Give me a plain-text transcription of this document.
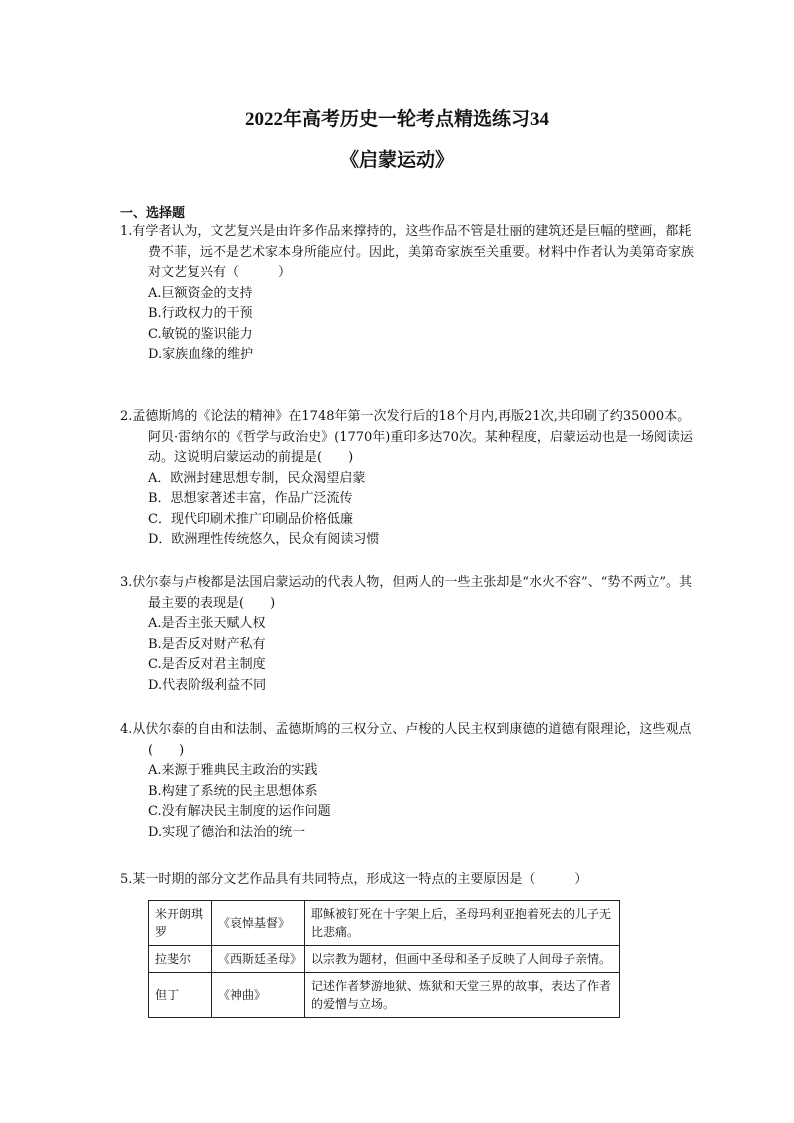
2022年高考历史一轮考点精选练习34
《启蒙运动》
一、选择题

1.有学者认为，文艺复兴是由许多作品来撑持的，这些作品不管是壮丽的建筑还是巨幅的壁画，都耗费不菲，远不是艺术家本身所能应付。因此，美第奇家族至关重要。材料中作者认为美第奇家族对文艺复兴有（　　　）

A.巨额资金的支持

B.行政权力的干预

C.敏锐的鉴识能力

D.家族血缘的维护

2.孟德斯鸠的《论法的精神》在1748年第一次发行后的18个月内,再版21次,共印刷了约35000本。阿贝·雷纳尔的《哲学与政治史》(1770年)重印多达70次。某种程度，启蒙运动也是一场阅读运动。这说明启蒙运动的前提是(　　)

A．欧洲封建思想专制，民众渴望启蒙

B．思想家著述丰富，作品广泛流传

C．现代印刷术推广印刷品价格低廉

D．欧洲理性传统悠久，民众有阅读习惯

3.伏尔泰与卢梭都是法国启蒙运动的代表人物，但两人的一些主张却是“水火不容”、“势不两立”。其最主要的表现是(　　)

A.是否主张天赋人权

B.是否反对财产私有

C.是否反对君主制度

D.代表阶级利益不同

4.从伏尔泰的自由和法制、孟德斯鸠的三权分立、卢梭的人民主权到康德的道德有限理论，这些观点(　　)

A.来源于雅典民主政治的实践

B.构建了系统的民主思想体系

C.没有解决民主制度的运作问题

D.实现了德治和法治的统一

5.某一时期的部分文艺作品具有共同特点，形成这一特点的主要原因是（　　　）

米开朗琪罗	《哀悼基督》	耶稣被钉死在十字架上后，圣母玛利亚抱着死去的儿子无比悲痛。
拉斐尔	《西斯廷圣母》	以宗教为题材，但画中圣母和圣子反映了人间母子亲情。
但丁	《神曲》	记述作者梦游地狱、炼狱和天堂三界的故事，表达了作者的爱憎与立场。
